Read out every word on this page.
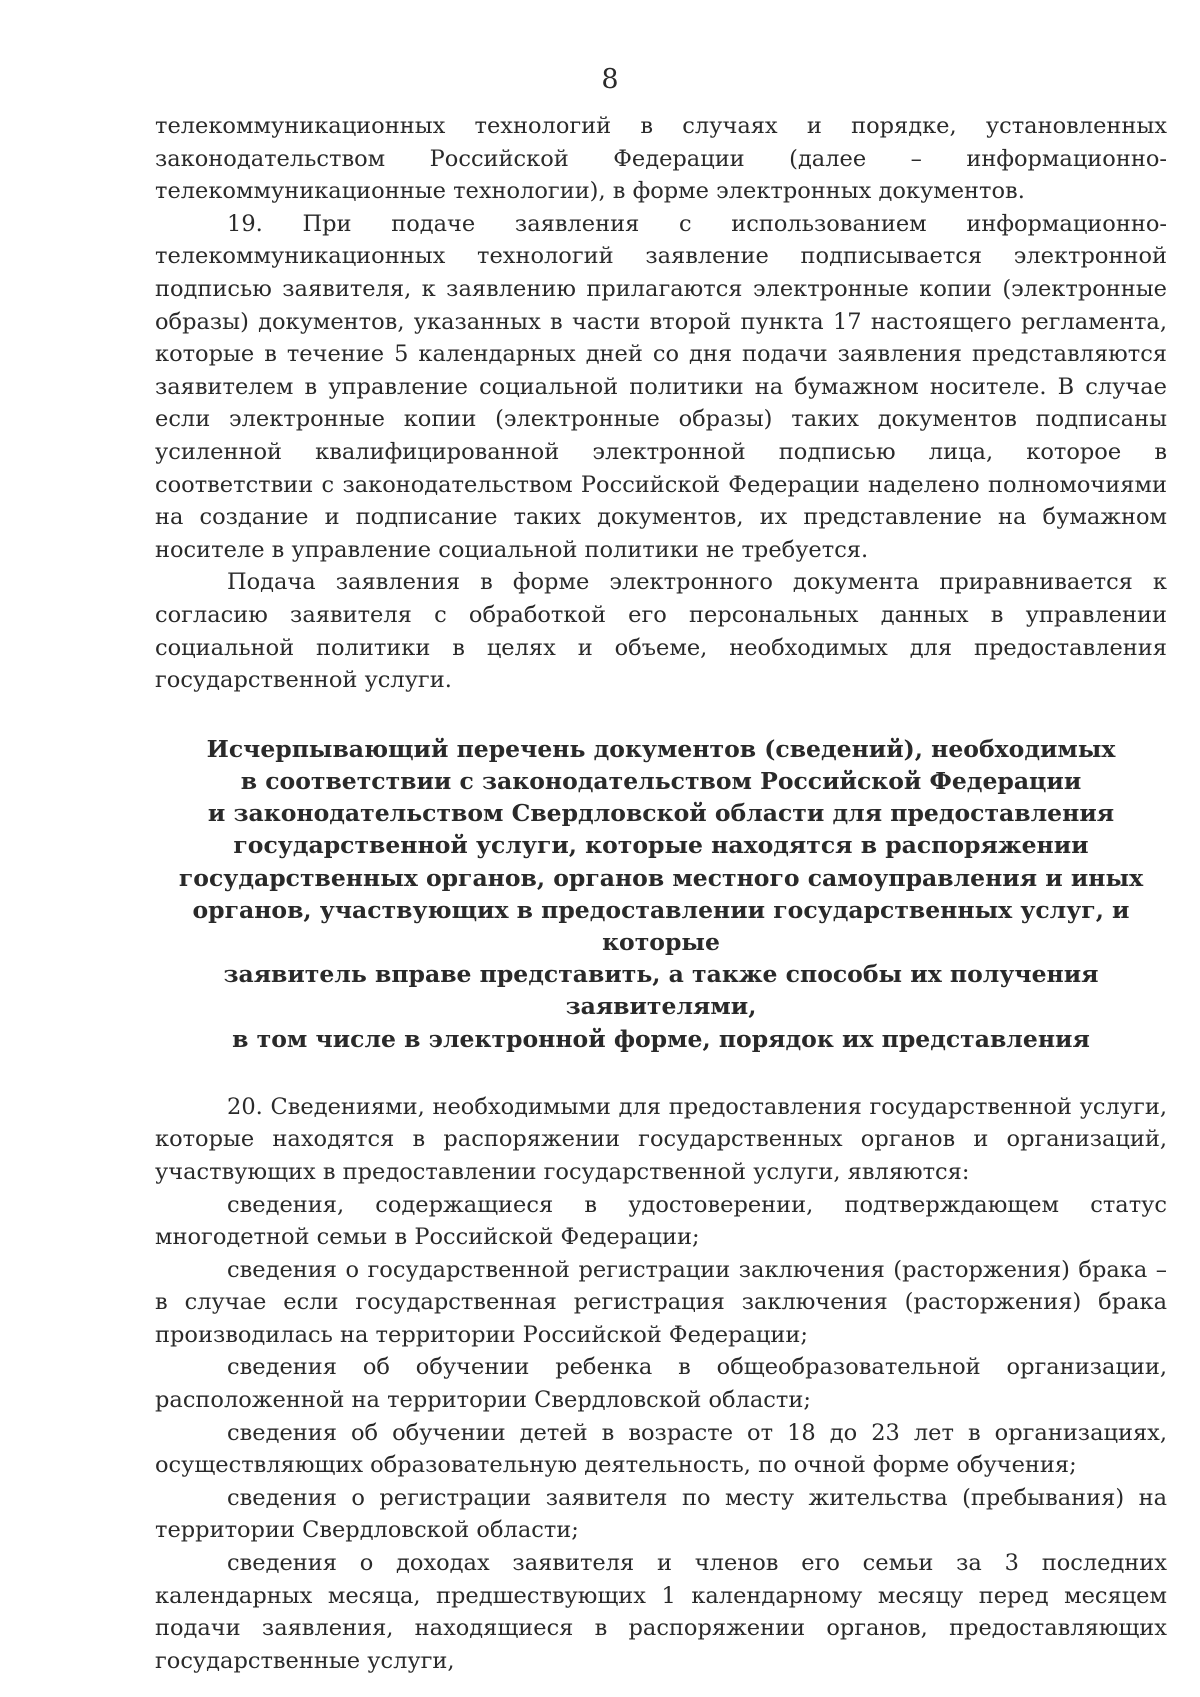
8

телекоммуникационных технологий в случаях и порядке, установленных законодательством Российской Федерации (далее – информационно-телекоммуникационные технологии), в форме электронных документов.

19. При подаче заявления с использованием информационно-телекоммуникационных технологий заявление подписывается электронной подписью заявителя, к заявлению прилагаются электронные копии (электронные образы) документов, указанных в части второй пункта 17 настоящего регламента, которые в течение 5 календарных дней со дня подачи заявления представляются заявителем в управление социальной политики на бумажном носителе. В случае если электронные копии (электронные образы) таких документов подписаны усиленной квалифицированной электронной подписью лица, которое в соответствии с законодательством Российской Федерации наделено полномочиями на создание и подписание таких документов, их представление на бумажном носителе в управление социальной политики не требуется.

Подача заявления в форме электронного документа приравнивается к согласию заявителя с обработкой его персональных данных в управлении социальной политики в целях и объеме, необходимых для предоставления государственной услуги.

Исчерпывающий перечень документов (сведений), необходимых
в соответствии с законодательством Российской Федерации
и законодательством Свердловской области для предоставления
государственной услуги, которые находятся в распоряжении
государственных органов, органов местного самоуправления и иных
органов, участвующих в предоставлении государственных услуг, и которые
заявитель вправе представить, а также способы их получения заявителями,
в том числе в электронной форме, порядок их представления

20. Сведениями, необходимыми для предоставления государственной услуги, которые находятся в распоряжении государственных органов и организаций, участвующих в предоставлении государственной услуги, являются:

сведения, содержащиеся в удостоверении, подтверждающем статус многодетной семьи в Российской Федерации;

сведения о государственной регистрации заключения (расторжения) брака – в случае если государственная регистрация заключения (расторжения) брака производилась на территории Российской Федерации;

сведения об обучении ребенка в общеобразовательной организации, расположенной на территории Свердловской области;

сведения об обучении детей в возрасте от 18 до 23 лет в организациях, осуществляющих образовательную деятельность, по очной форме обучения;

сведения о регистрации заявителя по месту жительства (пребывания) на территории Свердловской области;

сведения о доходах заявителя и членов его семьи за 3 последних календарных месяца, предшествующих 1 календарному месяцу перед месяцем подачи заявления, находящиеся в распоряжении органов, предоставляющих государственные услуги,
